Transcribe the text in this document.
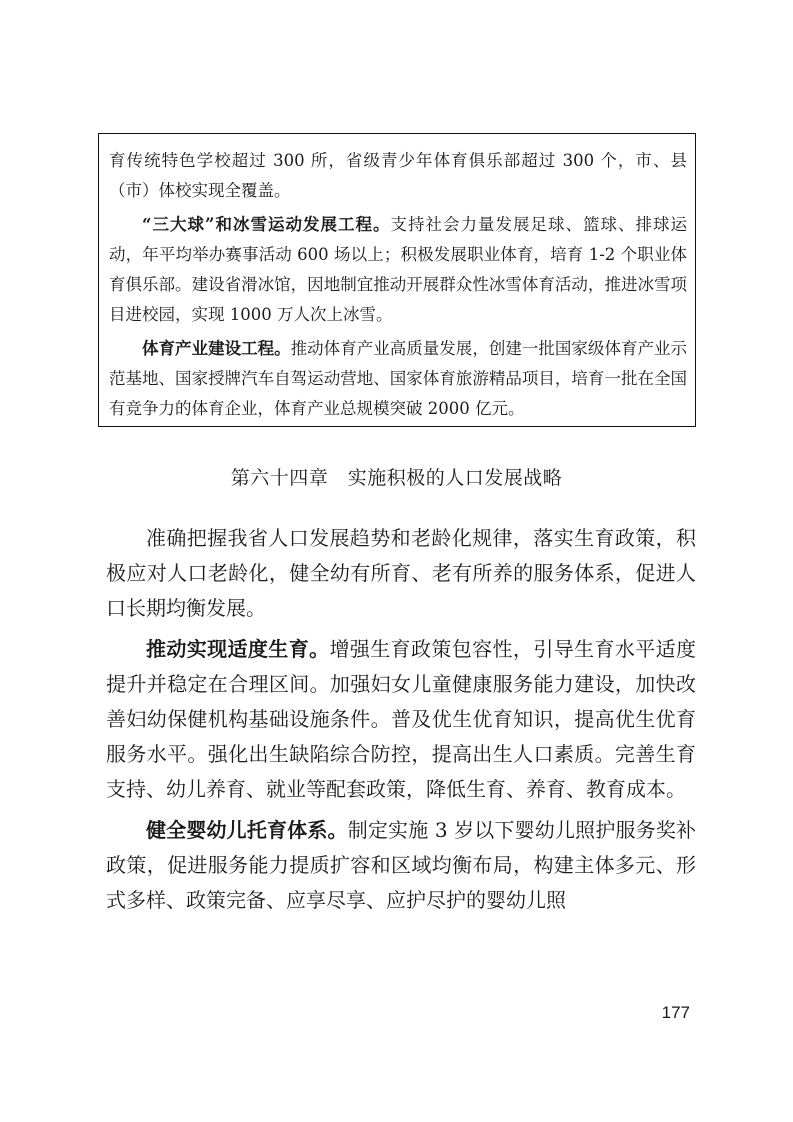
育传统特色学校超过 300 所，省级青少年体育俱乐部超过 300 个，市、县（市）体校实现全覆盖。

“三大球”和冰雪运动发展工程。支持社会力量发展足球、篮球、排球运动，年平均举办赛事活动 600 场以上；积极发展职业体育，培育 1-2 个职业体育俱乐部。建设省滑冰馆，因地制宜推动开展群众性冰雪体育活动，推进冰雪项目进校园，实现 1000 万人次上冰雪。

体育产业建设工程。推动体育产业高质量发展，创建一批国家级体育产业示范基地、国家授牌汽车自驾运动营地、国家体育旅游精品项目，培育一批在全国有竞争力的体育企业，体育产业总规模突破 2000 亿元。

第六十四章　实施积极的人口发展战略

准确把握我省人口发展趋势和老龄化规律，落实生育政策，积极应对人口老龄化，健全幼有所育、老有所养的服务体系，促进人口长期均衡发展。

推动实现适度生育。增强生育政策包容性，引导生育水平适度提升并稳定在合理区间。加强妇女儿童健康服务能力建设，加快改善妇幼保健机构基础设施条件。普及优生优育知识，提高优生优育服务水平。强化出生缺陷综合防控，提高出生人口素质。完善生育支持、幼儿养育、就业等配套政策，降低生育、养育、教育成本。

健全婴幼儿托育体系。制定实施 3 岁以下婴幼儿照护服务奖补政策，促进服务能力提质扩容和区域均衡布局，构建主体多元、形式多样、政策完备、应享尽享、应护尽护的婴幼儿照

177
